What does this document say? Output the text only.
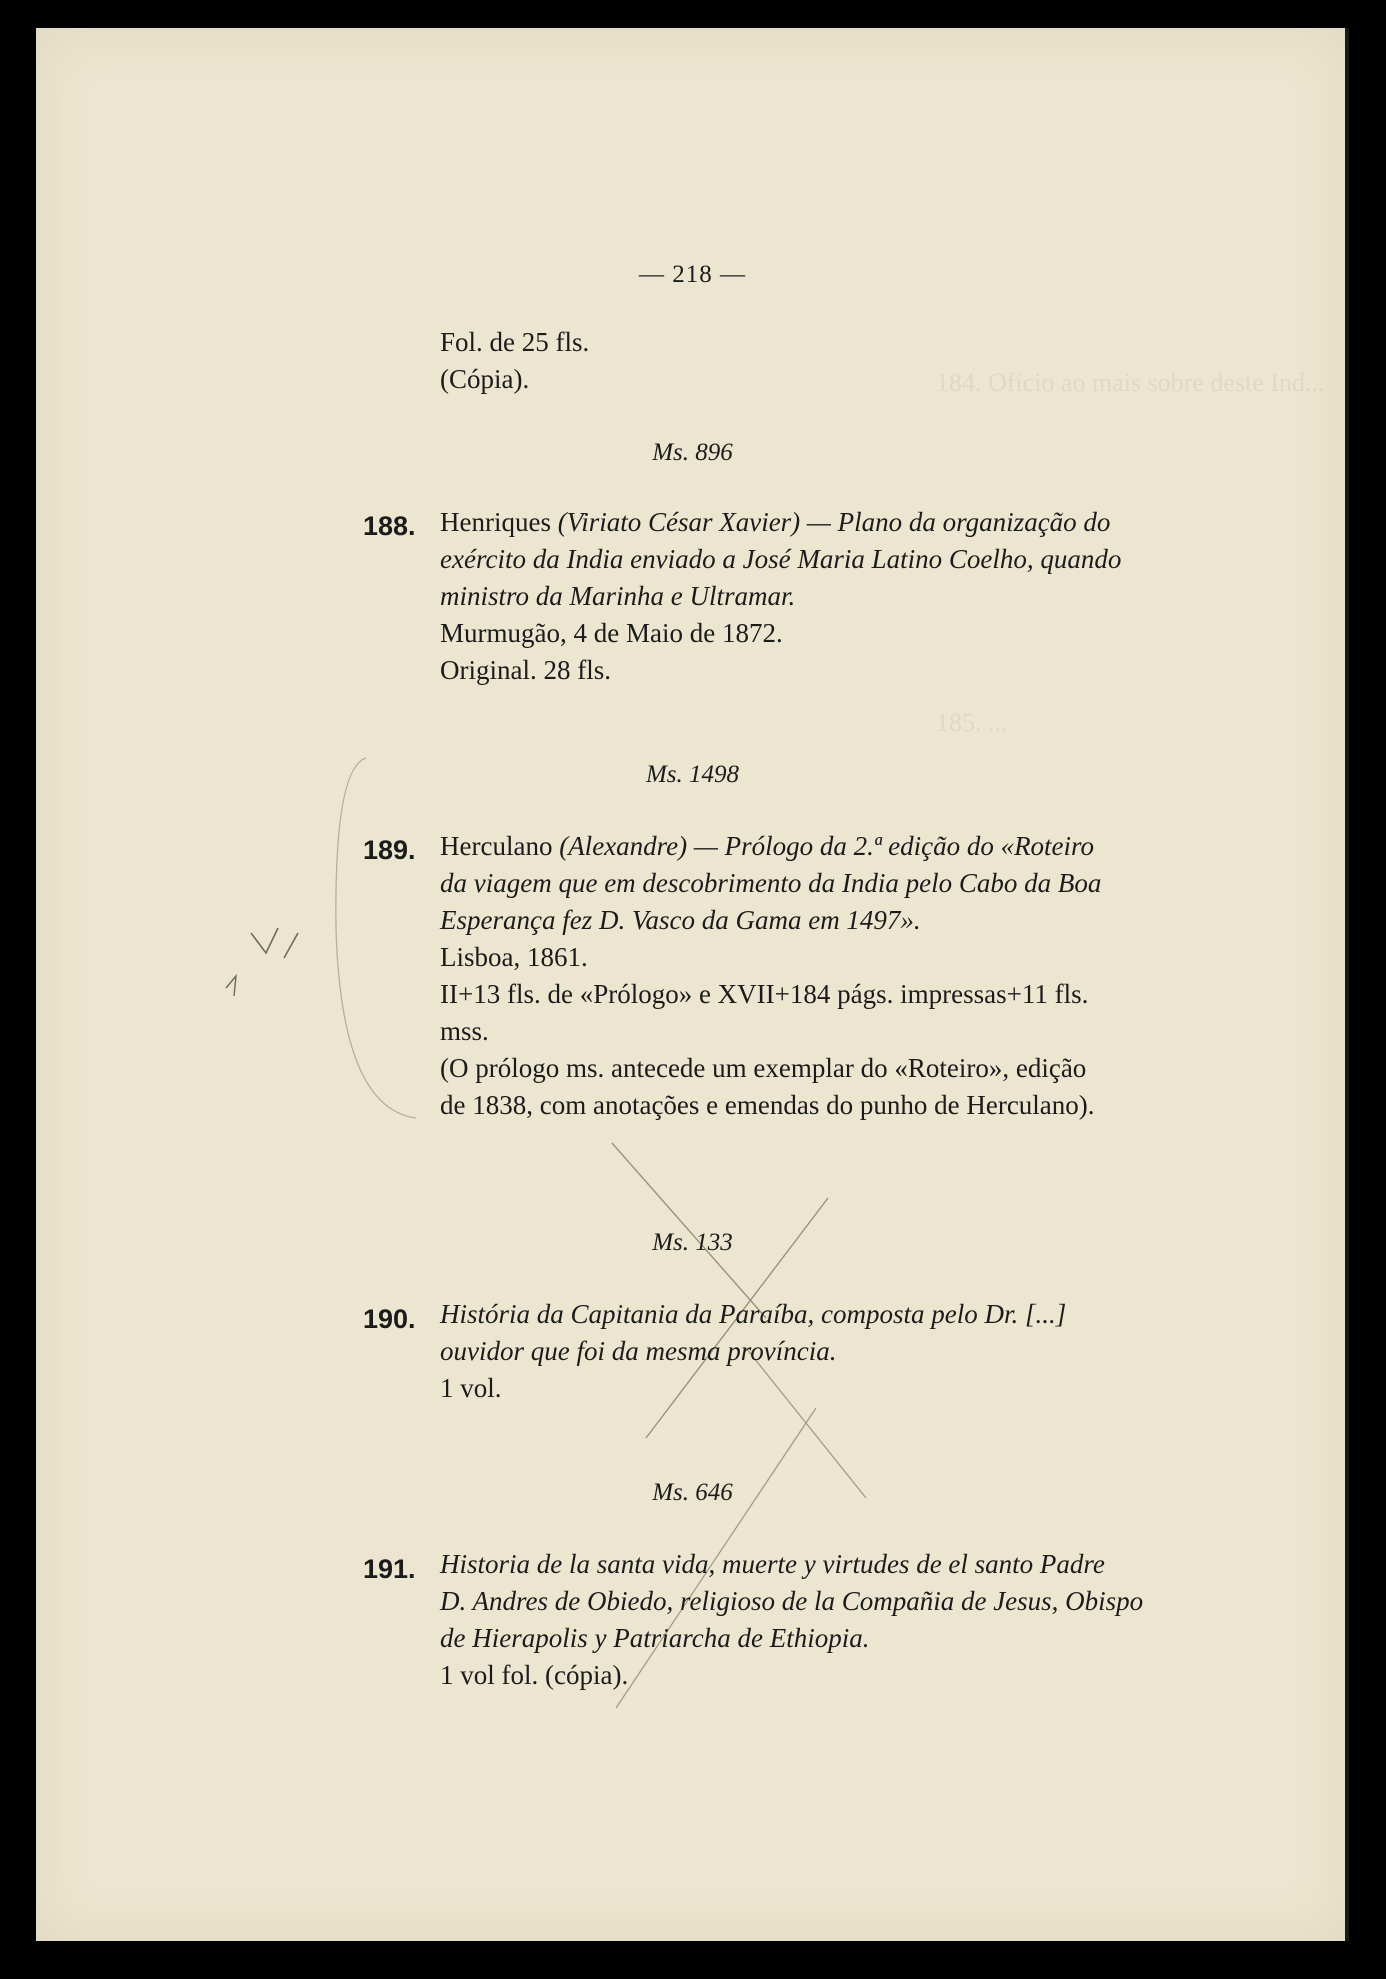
184. Ofício ao mais sobre deste Ind...
185. ...
— 218 —
Fol. de 25 fls.
(Cópia).
Ms. 896
188. Henriques (Viriato César Xavier) — Plano da organização do
exército da India enviado a José Maria Latino Coelho, quando
ministro da Marinha e Ultramar.
Murmugão, 4 de Maio de 1872.
Original. 28 fls.
Ms. 1498
189. Herculano (Alexandre) — Prólogo da 2.ª edição do «Roteiro
da viagem que em descobrimento da India pelo Cabo da Boa
Esperança fez D. Vasco da Gama em 1497».
Lisboa, 1861.
II+13 fls. de «Prólogo» e XVII+184 págs. impressas+11 fls.
mss.
(O prólogo ms. antecede um exemplar do «Roteiro», edição
de 1838, com anotações e emendas do punho de Herculano).
Ms. 133
190. História da Capitania da Paraíba, composta pelo Dr. [...]
ouvidor que foi da mesma província.
1 vol.
Ms. 646
191. Historia de la santa vida, muerte y virtudes de el santo Padre
D. Andres de Obiedo, religioso de la Compañia de Jesus, Obispo
de Hierapolis y Patriarcha de Ethiopia.
1 vol fol. (cópia).
